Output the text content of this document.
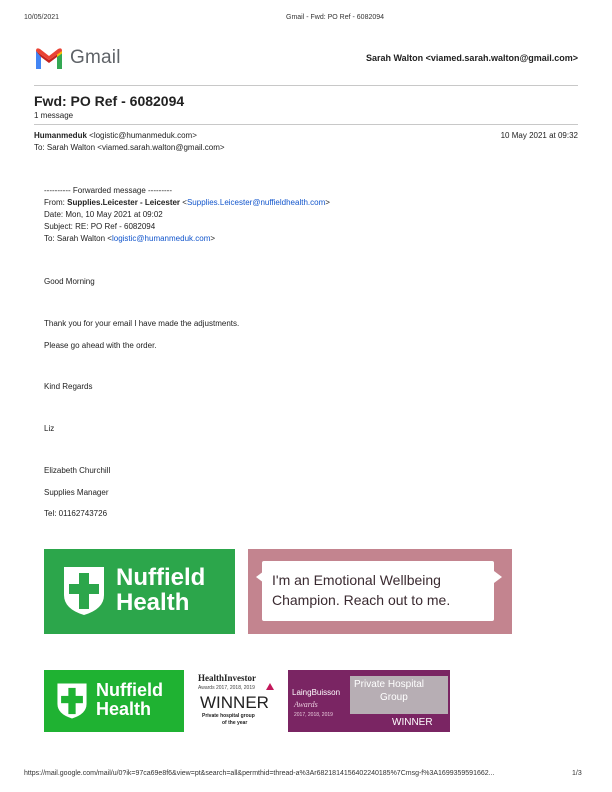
10/05/2021	Gmail - Fwd: PO Ref - 6082094
Gmail	Sarah Walton <viamed.sarah.walton@gmail.com>
Fwd: PO Ref - 6082094
1 message
Humanmeduk <logistic@humanmeduk.com>	10 May 2021 at 09:32
To: Sarah Walton <viamed.sarah.walton@gmail.com>
---------- Forwarded message ---------
From: Supplies.Leicester - Leicester <Supplies.Leicester@nuffieldhealth.com>
Date: Mon, 10 May 2021 at 09:02
Subject: RE: PO Ref - 6082094
To: Sarah Walton <logistic@humanmeduk.com>
Good Morning
Thank you for your email I have made the adjustments.
Please go ahead with the order.
Kind Regards
Liz
Elizabeth Churchill
Supplies Manager
Tel: 01162743726
Nuffield
Health
I'm an Emotional Wellbeing
Champion. Reach out to me.
Nuffield
Health
HealthInvestor
Awards 2017, 2018, 2019
WINNER
Private hospital group
of the year
LaingBuisson
Awards
2017, 2018, 2019
Private Hospital
Group
WINNER
https://mail.google.com/mail/u/0?ik=97ca69e8f6&view=pt&search=all&permthid=thread-a%3Ar6821814156402240185%7Cmsg-f%3A1699359591662...	1/3
